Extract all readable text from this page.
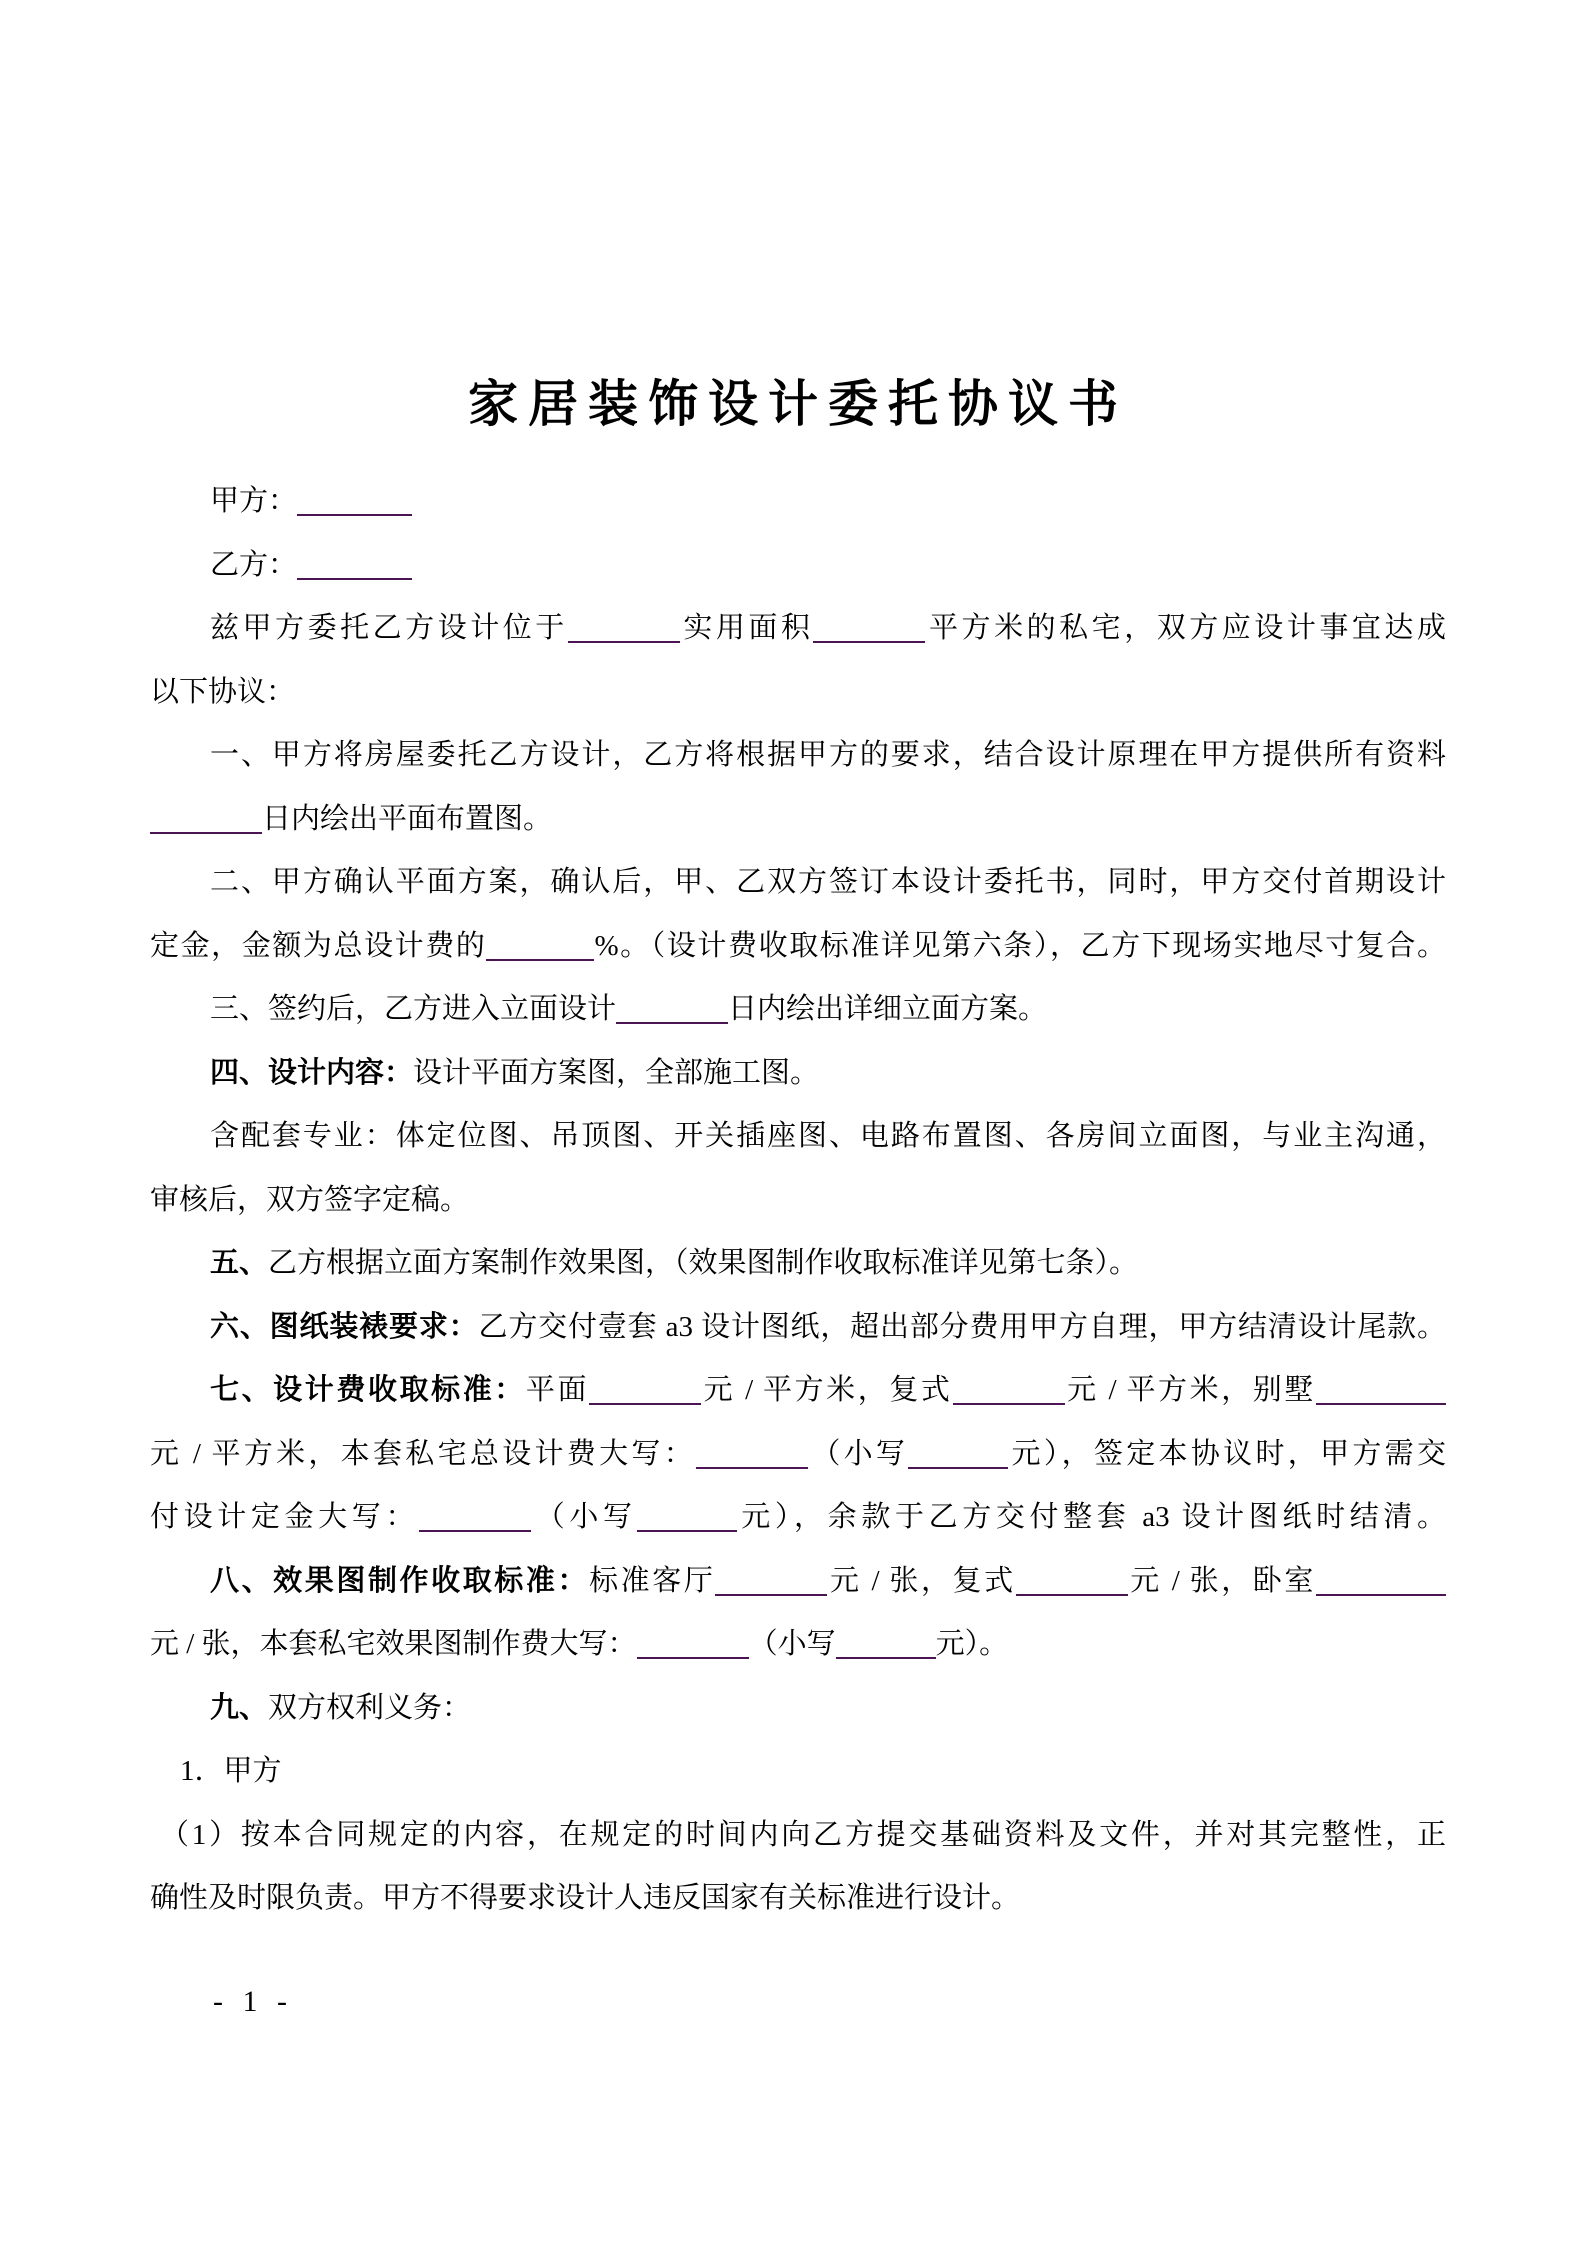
家居装饰设计委托协议书
甲方：
乙方：
兹甲方委托乙方设计位于	实用面积	平方米的私宅，双方应设计事宜达成
以下协议：
一、甲方将房屋委托乙方设计，乙方将根据甲方的要求，结合设计原理在甲方提供所有资料
日内绘出平面布置图。
二、甲方确认平面方案，确认后，甲、乙双方签订本设计委托书，同时，甲方交付首期设计
定金，金额为总设计费的	%。（设计费收取标准详见第六条），乙方下现场实地尽寸复合。
三、签约后，乙方进入立面设计	日内绘出详细立面方案。
四、设计内容：设计平面方案图，全部施工图。
含配套专业：体定位图、吊顶图、开关插座图、电路布置图、各房间立面图，与业主沟通，
审核后，双方签字定稿。
五、乙方根据立面方案制作效果图，（效果图制作收取标准详见第七条）。
六、图纸装裱要求：乙方交付壹套 a3 设计图纸，超出部分费用甲方自理，甲方结清设计尾款。
七、设计费收取标准：平面	元 / 平方米，复式	元 / 平方米，别墅
元 / 平方米，本套私宅总设计费大写：	（小写	元），签定本协议时，甲方需交
付设计定金大写：	（小写	元），余款于乙方交付整套 a3 设计图纸时结清。
八、效果图制作收取标准：标准客厅	元 / 张，复式	元 / 张，卧室
元 / 张，本套私宅效果图制作费大写：	（小写	元）。
九、双方权利义务：
1．甲方
（1）按本合同规定的内容，在规定的时间内向乙方提交基础资料及文件，并对其完整性，正
确性及时限负责。甲方不得要求设计人违反国家有关标准进行设计。
- 1 -
